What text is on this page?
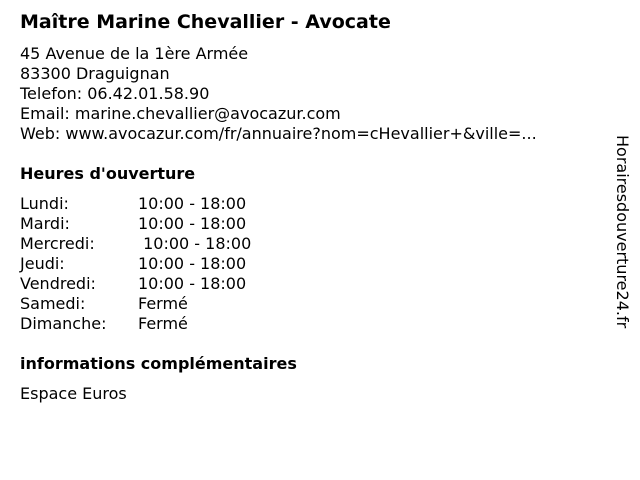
Maître Marine Chevallier - Avocate
45 Avenue de la 1ère Armée
83300 Draguignan
Telefon: 06.42.01.58.90
Email: marine.chevallier@avocazur.com
Web: www.avocazur.com/fr/annuaire?nom=cHevallier+&ville=...
Heures d'ouverture
Lundi:	10:00 - 18:00
Mardi:	10:00 - 18:00
Mercredi:	10:00 - 18:00
Jeudi:	10:00 - 18:00
Vendredi:	10:00 - 18:00
Samedi:	Fermé
Dimanche:	Fermé
informations complémentaires
Espace Euros
Horairesdouverture24.fr
